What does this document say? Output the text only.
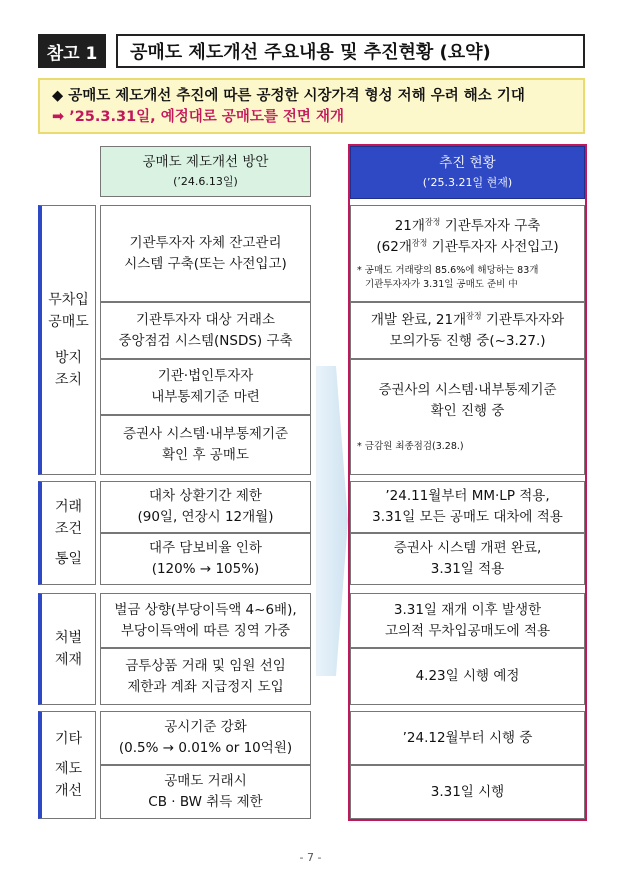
참고 1 공매도 제도개선 주요내용 및 추진현황 (요약)
◆ 공매도 제도개선 추진에 따른 공정한 시장가격 형성 저해 우려 해소 기대
➡ ’25.3.31일, 예정대로 공매도를 전면 재개
공매도 제도개선 방안
(’24.6.13일)
추진 현황
(’25.3.21일 현재)
무차입
공매도
방지
조치
거래
조건
통일
처벌
제재
기타
제도
개선
기관투자자 자체 잔고관리
시스템 구축(또는 사전입고)
기관투자자 대상 거래소
중앙점검 시스템(NSDS) 구축
기관·법인투자자
내부통제기준 마련
증권사 시스템·내부통제기준
확인 후 공매도
대차 상환기간 제한
(90일, 연장시 12개월)
대주 담보비율 인하
(120% → 105%)
벌금 상향(부당이득액 4~6배),
부당이득액에 따른 징역 가중
금투상품 거래 및 임원 선임
제한과 계좌 지급정지 도입
공시기준 강화
(0.5% → 0.01% or 10억원)
공매도 거래시
CB · BW 취득 제한
21개$^{잠정}$ 기관투자자 구축
(62개$^{잠정}$ 기관투자자 사전입고)
* 공매도 거래량의 85.6%에 해당하는 83개
기관투자자가 3.31일 공매도 준비 中
개발 완료, 21개$^{잠정}$ 기관투자자와
모의가동 진행 중(~3.27.)
증권사의 시스템·내부통제기준
확인 진행 중
* 금감원 최종점검(3.28.)
’24.11월부터 MM·LP 적용,
3.31일 모든 공매도 대차에 적용
증권사 시스템 개편 완료,
3.31일 적용
3.31일 재개 이후 발생한
고의적 무차입공매도에 적용
4.23일 시행 예정
’24.12월부터 시행 중
3.31일 시행
- 7 -
